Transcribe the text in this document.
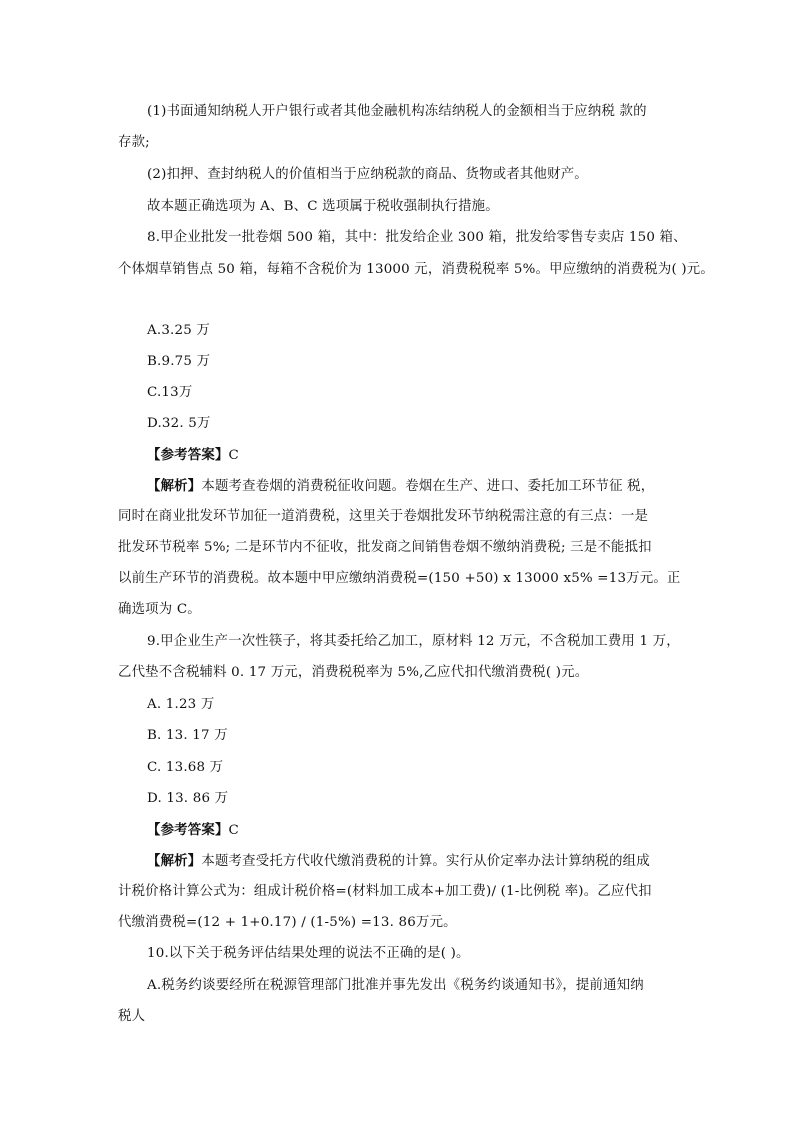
(1)书面通知纳税人开户银行或者其他金融机构冻结纳税人的金额相当于应纳税 款的
存款;
(2)扣押、查封纳税人的价值相当于应纳税款的商品、货物或者其他财产。
故本题正确选项为 A、B、C 选项属于税收强制执行措施。
8.甲企业批发一批卷烟 500 箱，其中：批发给企业 300 箱，批发给零售专卖店 150 箱、
个体烟草销售点 50 箱，每箱不含税价为 13000 元，消费税税率 5%。甲应缴纳的消费税为( )元。
A.3.25 万
B.9.75 万
C.13万
D.32. 5万
【参考答案】C
【解析】本题考查卷烟的消费税征收问题。卷烟在生产、进口、委托加工环节征 税，
同时在商业批发环节加征一道消费税，这里关于卷烟批发环节纳税需注意的有三点：一是
批发环节税率 5%; 二是环节内不征收，批发商之间销售卷烟不缴纳消费税; 三是不能抵扣
以前生产环节的消费税。故本题中甲应缴纳消费税=(150 +50) x 13000 x5% =13万元。正
确选项为 C。
9.甲企业生产一次性筷子，将其委托给乙加工，原材料 12 万元，不含税加工费用 1 万，
乙代垫不含税辅料 0. 17 万元，消费税税率为 5%,乙应代扣代缴消费税( )元。
A. 1.23 万
B. 13. 17 万
C. 13.68 万
D. 13. 86 万
【参考答案】C
【解析】本题考查受托方代收代缴消费税的计算。实行从价定率办法计算纳税的组成
计税价格计算公式为：组成计税价格=(材料加工成本+加工费)/ (1-比例税 率)。乙应代扣
代缴消费税=(12 + 1+0.17) / (1-5%) =13. 86万元。
10.以下关于税务评估结果处理的说法不正确的是( )。
A.税务约谈要经所在税源管理部门批准并事先发出《税务约谈通知书》，提前通知纳
税人
